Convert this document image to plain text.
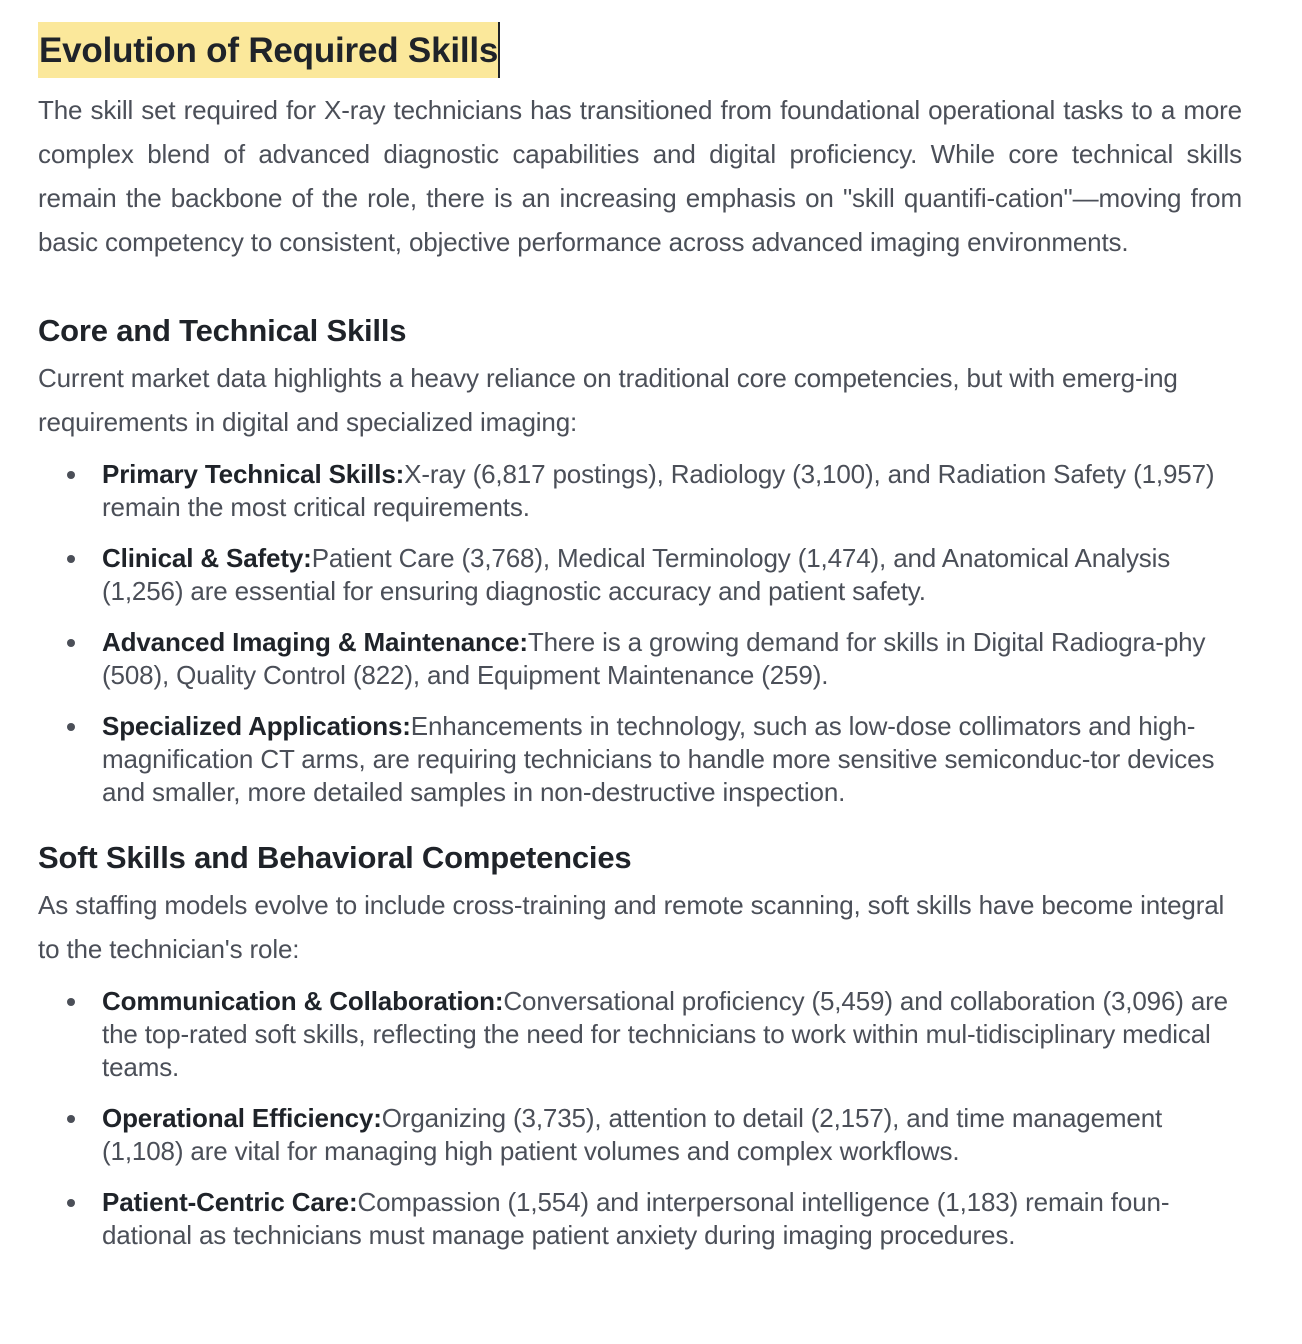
Evolution of Required Skills

The skill set required for X-ray technicians has transitioned from foundational operational tasks to a more complex blend of advanced diagnostic capabilities and digital proficiency. While core technical skills remain the backbone of the role, there is an increasing emphasis on "skill quantifi-cation"—moving from basic competency to consistent, objective performance across advanced imaging environments.

Core and Technical Skills

Current market data highlights a heavy reliance on traditional core competencies, but with emerg-ing requirements in digital and specialized imaging:

Primary Technical Skills:X-ray (6,817 postings), Radiology (3,100), and Radiation Safety (1,957) remain the most critical requirements.
Clinical & Safety:Patient Care (3,768), Medical Terminology (1,474), and Anatomical Analysis (1,256) are essential for ensuring diagnostic accuracy and patient safety.
Advanced Imaging & Maintenance:There is a growing demand for skills in Digital Radiogra-phy (508), Quality Control (822), and Equipment Maintenance (259).
Specialized Applications:Enhancements in technology, such as low-dose collimators and high-magnification CT arms, are requiring technicians to handle more sensitive semiconduc-tor devices and smaller, more detailed samples in non-destructive inspection.
Soft Skills and Behavioral Competencies

As staffing models evolve to include cross-training and remote scanning, soft skills have become integral to the technician's role:

Communication & Collaboration:Conversational proficiency (5,459) and collaboration (3,096) are the top-rated soft skills, reflecting the need for technicians to work within mul-tidisciplinary medical teams.
Operational Efficiency:Organizing (3,735), attention to detail (2,157), and time management (1,108) are vital for managing high patient volumes and complex workflows.
Patient-Centric Care:Compassion (1,554) and interpersonal intelligence (1,183) remain foun-dational as technicians must manage patient anxiety during imaging procedures.
